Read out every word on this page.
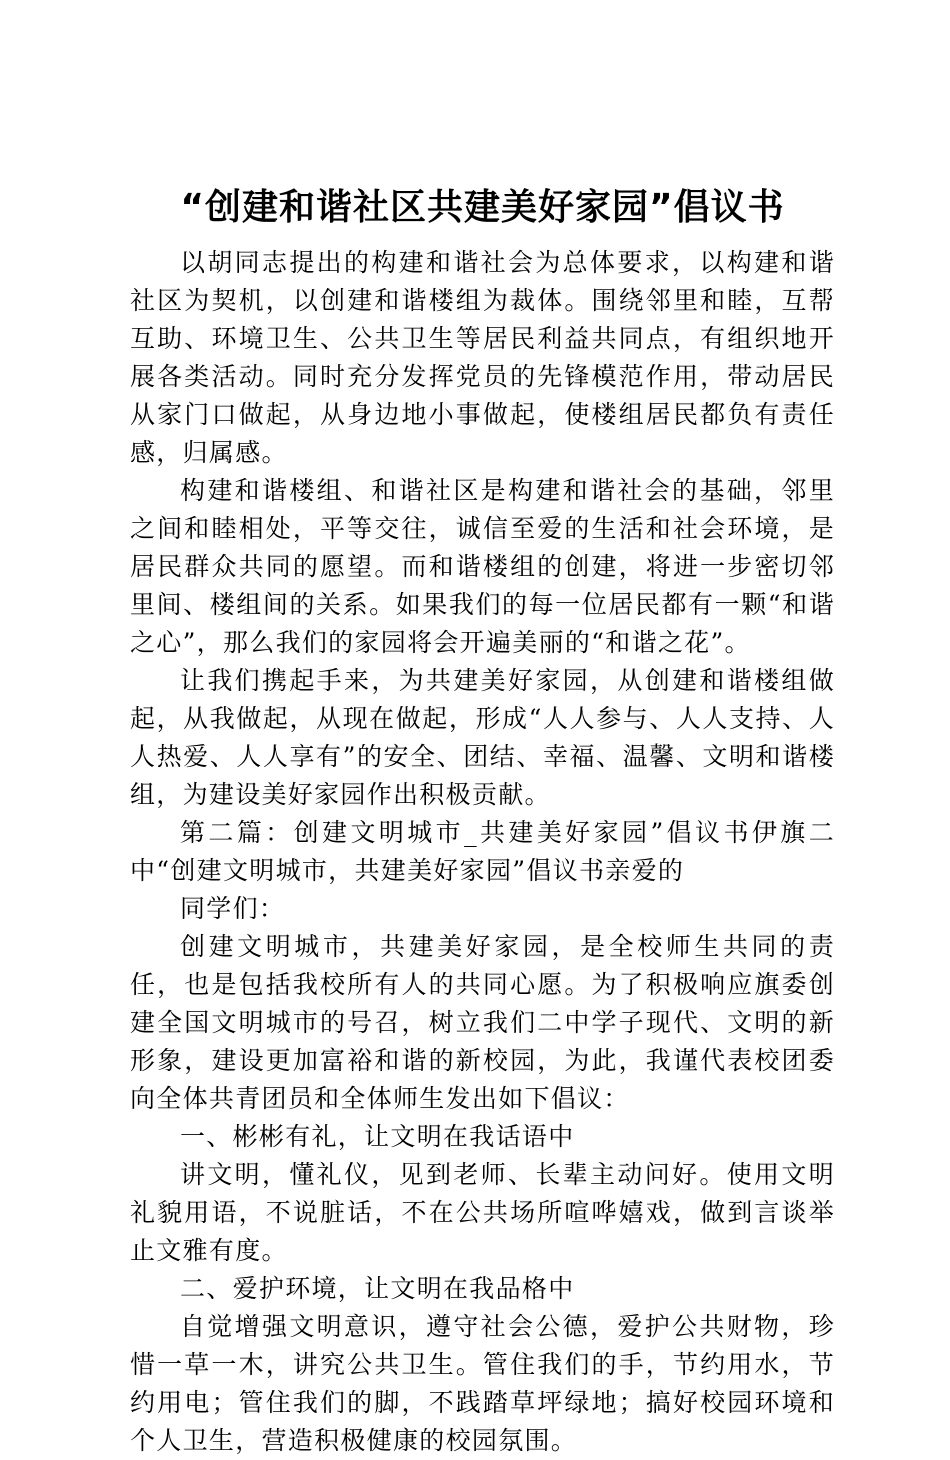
“创建和谐社区共建美好家园”倡议书

以胡同志提出的构建和谐社会为总体要求，以构建和谐社区为契机，以创建和谐楼组为裁体。围绕邻里和睦，互帮互助、环境卫生、公共卫生等居民利益共同点，有组织地开展各类活动。同时充分发挥党员的先锋模范作用，带动居民从家门口做起，从身边地小事做起，使楼组居民都负有责任感，归属感。

构建和谐楼组、和谐社区是构建和谐社会的基础，邻里之间和睦相处，平等交往，诚信至爱的生活和社会环境，是居民群众共同的愿望。而和谐楼组的创建，将进一步密切邻里间、楼组间的关系。如果我们的每一位居民都有一颗“和谐之心”，那么我们的家园将会开遍美丽的“和谐之花”。

让我们携起手来，为共建美好家园，从创建和谐楼组做起，从我做起，从现在做起，形成“人人参与、人人支持、人人热爱、人人享有”的安全、团结、幸福、温馨、文明和谐楼组，为建设美好家园作出积极贡献。

第二篇：创建文明城市_共建美好家园”倡议书伊旗二中“创建文明城市，共建美好家园”倡议书亲爱的

同学们：

创建文明城市，共建美好家园，是全校师生共同的责任，也是包括我校所有人的共同心愿。为了积极响应旗委创建全国文明城市的号召，树立我们二中学子现代、文明的新形象，建设更加富裕和谐的新校园，为此，我谨代表校团委向全体共青团员和全体师生发出如下倡议：

一、彬彬有礼，让文明在我话语中

讲文明，懂礼仪，见到老师、长辈主动问好。使用文明礼貌用语，不说脏话，不在公共场所喧哗嬉戏，做到言谈举止文雅有度。

二、爱护环境，让文明在我品格中

自觉增强文明意识，遵守社会公德，爱护公共财物，珍惜一草一木，讲究公共卫生。管住我们的手，节约用水，节约用电；管住我们的脚，不践踏草坪绿地；搞好校园环境和个人卫生，营造积极健康的校园氛围。
